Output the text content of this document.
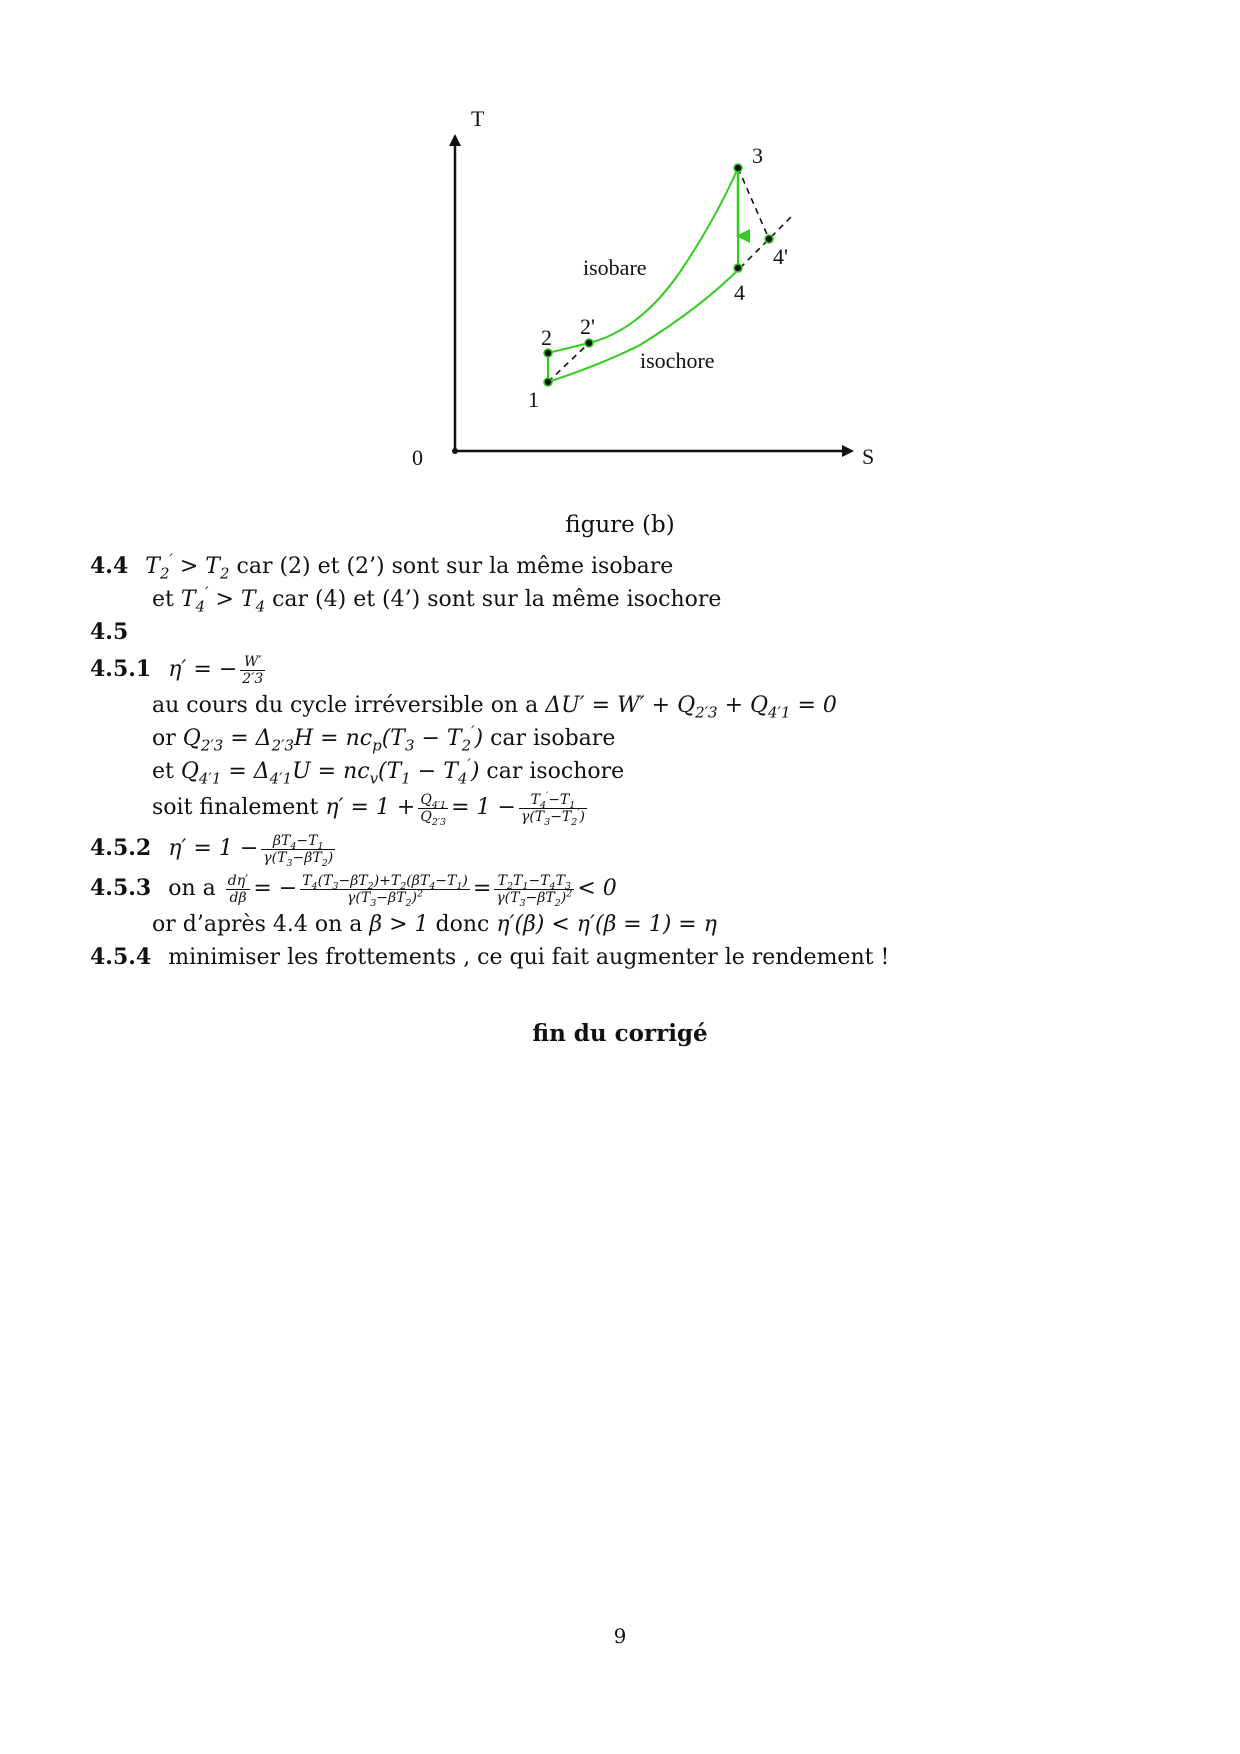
T
S
0
1
2 2'
3
4
4'
isobare
isochore
figure (b)
4.4 $T_2' > T_2$ car (2) et (2’) sont sur la même isobare
et $T_4' > T_4$ car (4) et (4’) sont sur la même isochore
4.5
4.5.1 η′ = − $\frac{W'}{2'3}$
au cours du cycle irréversible on a $\Delta U' = W' + Q_{2'3} + Q_{4'1} = 0$
or $Q_{2'3} = \Delta_{2'3}H = nc_p(T_3 - T_2')$ car isobare
et $Q_{4'1} = \Delta_{4'1}U = nc_v(T_1 - T_4')$ car isochore
soit finalement $\eta' = 1 + \frac{Q_{4'1}}{Q_{2'3}} = 1 - \frac{T_4'-T_1}{\gamma(T_3-T_2')}$
4.5.2 $\eta' = 1 - \frac{\beta T_4-T_1}{\gamma(T_3-\beta T_2)}$
4.5.3 on a $\frac{d\eta'}{d\beta}$ = − $\frac{T_4(T_3-\beta T_2)+T_2(\beta T_4-T_1)}{\gamma(T_3-\beta T_2)^2} = \frac{T_2T_1-T_4T_3}{\gamma(T_3-\beta T_2)^2} < 0$
or d’après 4.4 on a β > 1 donc η′(β) < η′(β = 1) = η
4.5.4 minimiser les frottements , ce qui fait augmenter le rendement !
fin du corrigé
9
